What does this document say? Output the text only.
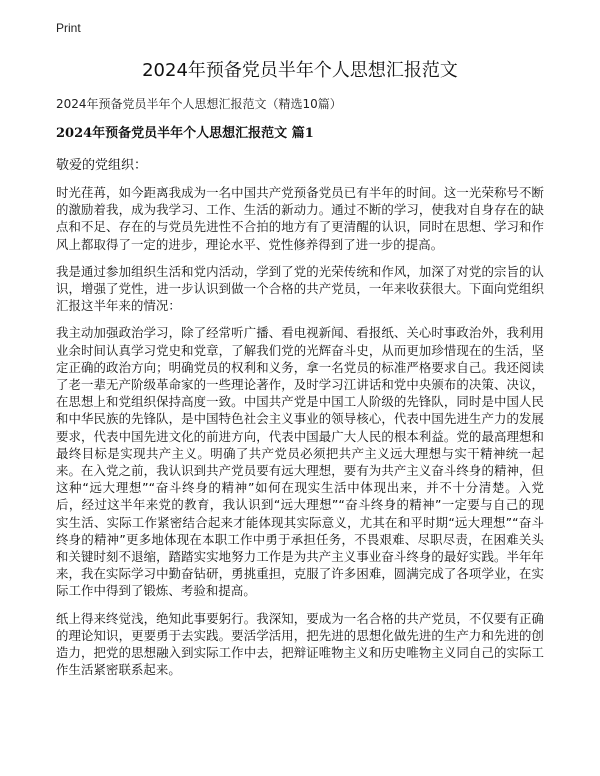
Print
2024年预备党员半年个人思想汇报范文

2024年预备党员半年个人思想汇报范文（精选10篇）

2024年预备党员半年个人思想汇报范文 篇1

敬爱的党组织：

时光荏苒，如今距离我成为一名中国共产党预备党员已有半年的时间。这一光荣称号不断的激励着我，成为我学习、工作、生活的新动力。通过不断的学习，使我对自身存在的缺点和不足、存在的与党员先进性不合拍的地方有了更清醒的认识，同时在思想、学习和作风上都取得了一定的进步，理论水平、党性修养得到了进一步的提高。

我是通过参加组织生活和党内活动，学到了党的光荣传统和作风，加深了对党的宗旨的认识，增强了党性，进一步认识到做一个合格的共产党员，一年来收获很大。下面向党组织汇报这半年来的情况：

我主动加强政治学习，除了经常听广播、看电视新闻、看报纸、关心时事政治外，我利用业余时间认真学习党史和党章，了解我们党的光辉奋斗史，从而更加珍惜现在的生活，坚定正确的政治方向；明确党员的权利和义务，拿一名党员的标准严格要求自己。我还阅读了老一辈无产阶级革命家的一些理论著作，及时学习江讲话和党中央颁布的决策、决议，在思想上和党组织保持高度一致。中国共产党是中国工人阶级的先锋队，同时是中国人民和中华民族的先锋队，是中国特色社会主义事业的领导核心，代表中国先进生产力的发展要求，代表中国先进文化的前进方向，代表中国最广大人民的根本利益。党的最高理想和最终目标是实现共产主义。明确了共产党员必须把共产主义远大理想与实干精神统一起来。在入党之前，我认识到共产党员要有远大理想，要有为共产主义奋斗终身的精神，但这种“远大理想”“奋斗终身的精神”如何在现实生活中体现出来，并不十分清楚。入党后，经过这半年来党的教育，我认识到“远大理想”“奋斗终身的精神”一定要与自己的现实生活、实际工作紧密结合起来才能体现其实际意义，尤其在和平时期“远大理想”“奋斗终身的精神”更多地体现在本职工作中勇于承担任务，不畏艰难、尽职尽责，在困难关头和关键时刻不退缩，踏踏实实地努力工作是为共产主义事业奋斗终身的最好实践。半年年来，我在实际学习中勤奋钻研，勇挑重担，克服了许多困难，圆满完成了各项学业，在实际工作中得到了锻炼、考验和提高。

纸上得来终觉浅，绝知此事要躬行。我深知，要成为一名合格的共产党员，不仅要有正确的理论知识，更要勇于去实践。要活学活用，把先进的思想化做先进的生产力和先进的创造力，把党的思想融入到实际工作中去，把辩证唯物主义和历史唯物主义同自己的实际工作生活紧密联系起来。
